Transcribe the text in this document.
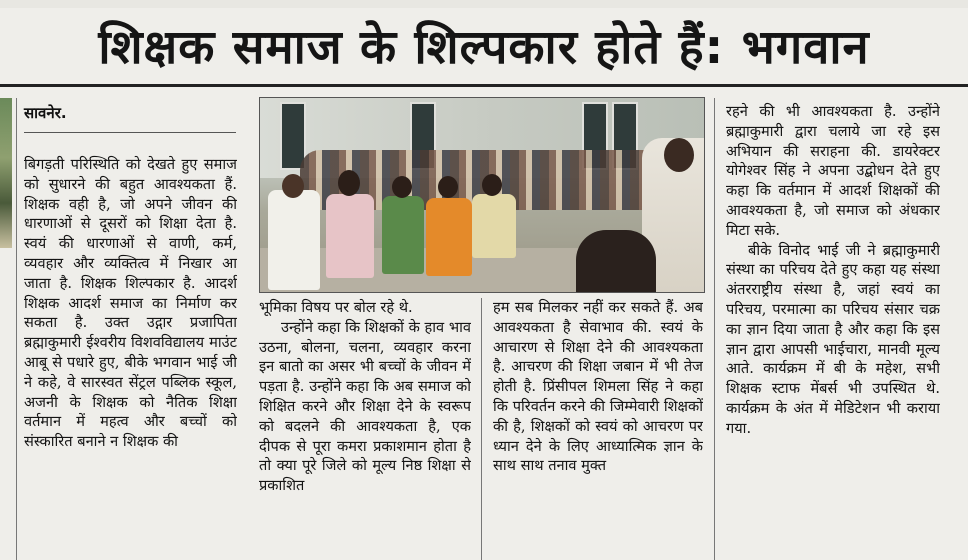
शिक्षक समाज के शिल्पकार होते हैं: भगवान
सावनेर.

बिगड़ती परिस्थिति को देखते हुए समाज को सुधारने की बहुत आवश्यकता हैं. शिक्षक वही है, जो अपने जीवन की धारणाओं से दूसरों को शिक्षा देता है. स्वयं की धारणाओं से वाणी, कर्म, व्यवहार और व्यक्तित्व में निखार आ जाता है. शिक्षक शिल्पकार है. आदर्श शिक्षक आदर्श समाज का निर्माण कर सकता है. उक्त उद्गार प्रजापिता ब्रह्माकुमारी ईश्वरीय विशवविद्यालय माउंट आबू से पधारे हुए, बीके भगवान भाई जी ने कहे, वे सारस्वत सेंट्रल पब्लिक स्कूल, अजनी के शिक्षक को नैतिक शिक्षा वर्तमान में महत्व और बच्चों को संस्कारित बनाने न शिक्षक की

भूमिका विषय पर बोल रहे थे.

उन्होंने कहा कि शिक्षकों के हाव भाव उठना, बोलना, चलना, व्यवहार करना इन बातो का असर भी बच्चों के जीवन में पड़ता है. उन्होंने कहा कि अब समाज को शिक्षित करने और शिक्षा देने के स्वरूप को बदलने की आवश्यकता है, एक दीपक से पूरा कमरा प्रकाशमान होता है तो क्या पूरे जिले को मूल्य निष्ठ शिक्षा से प्रकाशित

हम सब मिलकर नहीं कर सकते हैं. अब आवश्यकता है सेवाभाव की. स्वयं के आचारण से शिक्षा देने की आवश्यकता है. आचरण की शिक्षा जबान में भी तेज होती है. प्रिंसीपल शिमला सिंह ने कहा कि परिवर्तन करने की जिम्मेवारी शिक्षकों की है, शिक्षकों को स्वयं को आचरण पर ध्यान देने के लिए आध्यात्मिक ज्ञान के साथ साथ तनाव मुक्त

रहने की भी आवश्यकता है. उन्होंने ब्रह्माकुमारी द्वारा चलाये जा रहे इस अभियान की सराहना की. डायरेक्टर योगेश्वर सिंह ने अपना उद्बोधन देते हुए कहा कि वर्तमान में आदर्श शिक्षकों की आवश्यकता है, जो समाज को अंधकार मिटा सके.

बीके विनोद भाई जी ने ब्रह्माकुमारी संस्था का परिचय देते हुए कहा यह संस्था अंतरराष्ट्रीय संस्था है, जहां स्वयं का परिचय, परमात्मा का परिचय संसार चक्र का ज्ञान दिया जाता है और कहा कि इस ज्ञान द्वारा आपसी भाईचारा, मानवी मूल्य आते. कार्यक्रम में बी के महेश, सभी शिक्षक स्टाफ मेंबर्स भी उपस्थित थे. कार्यक्रम के अंत में मेडिटेशन भी कराया गया.
